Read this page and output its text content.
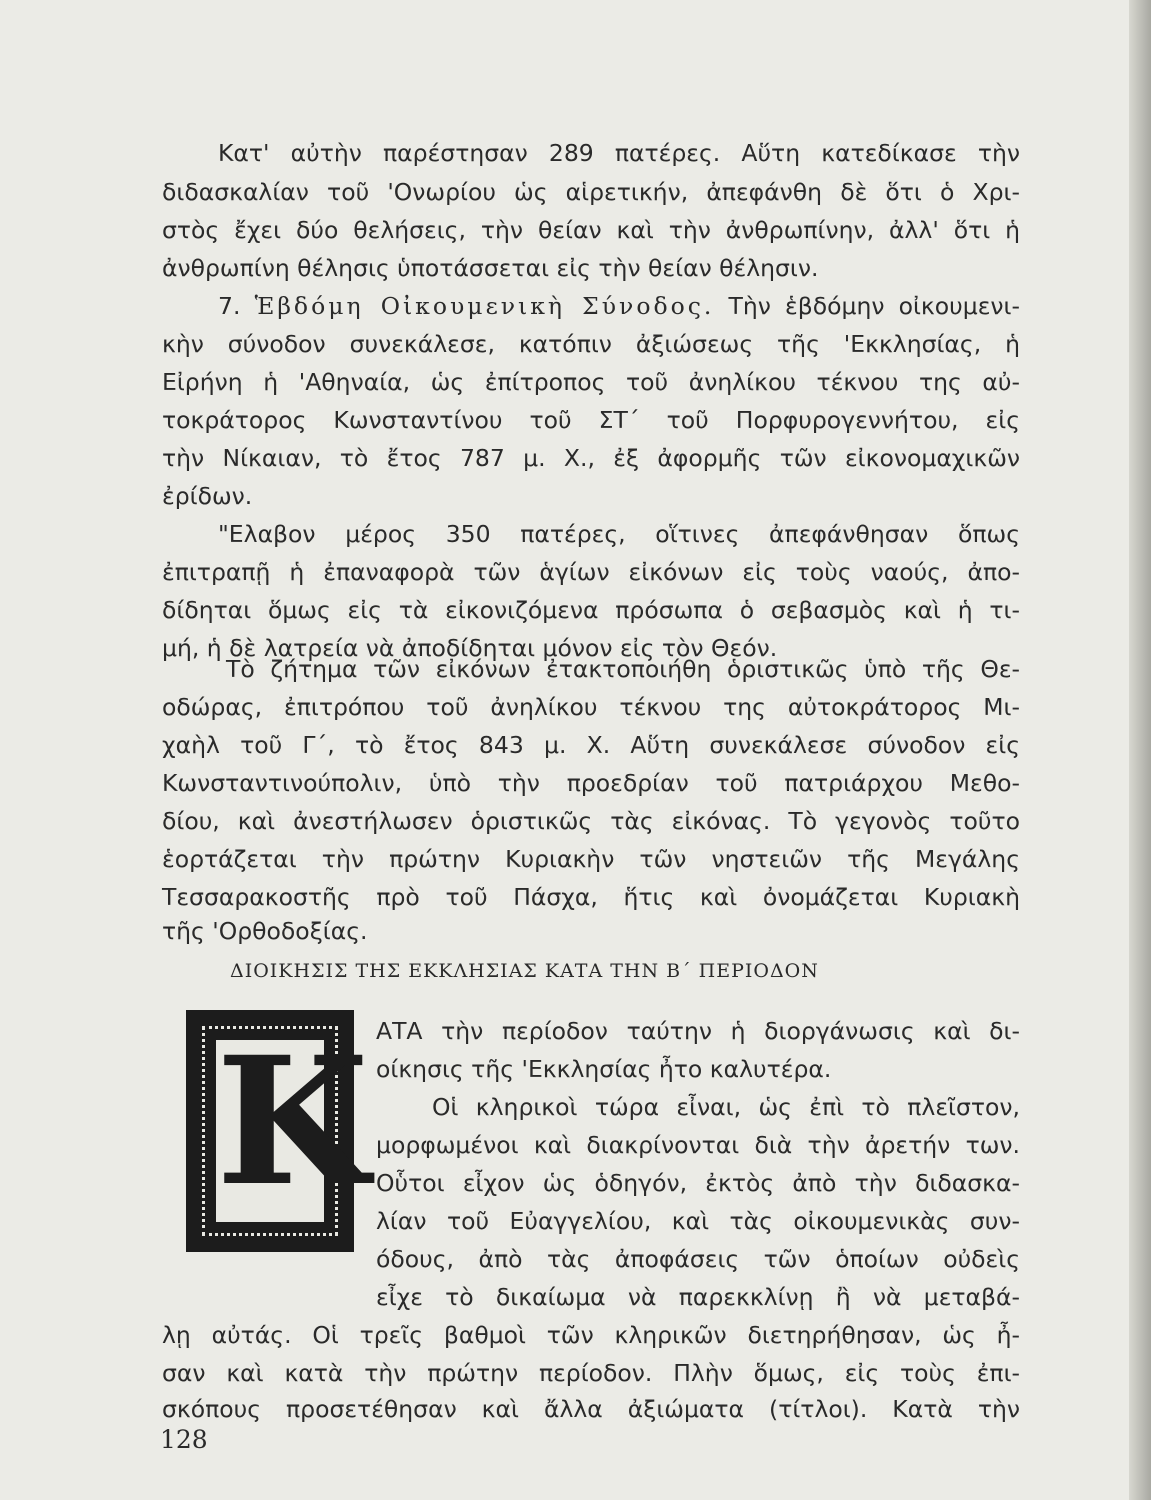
Κατ' αὐτὴν παρέστησαν 289 πατέρες. Αὕτη κατεδίκασε τὴν

διδασκαλίαν τοῦ 'Ονωρίου ὡς αἱρετικήν, ἀπεφάνθη δὲ ὅτι ὁ Χρι-

στὸς ἔχει δύο θελήσεις, τὴν θείαν καὶ τὴν ἀνθρωπίνην, ἀλλ' ὅτι ἡ

ἀνθρωπίνη θέλησις ὑποτάσσεται εἰς τὴν θείαν θέλησιν.

7. Ἑβδόμη Οἰκουμενικὴ Σύνοδος. Τὴν ἑβδόμην οἰκουμενι-

κὴν σύνοδον συνεκάλεσε, κατόπιν ἀξιώσεως τῆς 'Εκκλησίας, ἡ

Εἰρήνη ἡ 'Αθηναία, ὡς ἐπίτροπος τοῦ ἀνηλίκου τέκνου της αὐ-

τοκράτορος Κωνσταντίνου τοῦ ΣΤ΄ τοῦ Πορφυρογεννήτου, εἰς

τὴν Νίκαιαν, τὸ ἔτος 787 μ. Χ., ἐξ ἀφορμῆς τῶν εἰκονομαχικῶν

ἐρίδων.

"Ελαβον μέρος 350 πατέρες, οἵτινες ἀπεφάνθησαν ὅπως

ἐπιτραπῇ ἡ ἐπαναφορὰ τῶν ἁγίων εἰκόνων εἰς τοὺς ναούς, ἀπο-

δίδηται ὅμως εἰς τὰ εἰκονιζόμενα πρόσωπα ὁ σεβασμὸς καὶ ἡ τι-

μή, ἡ δὲ λατρεία νὰ ἀποδίδηται μόνον εἰς τὸν Θεόν.

Τὸ ζήτημα τῶν εἰκόνων ἐτακτοποιήθη ὁριστικῶς ὑπὸ τῆς Θε-

οδώρας, ἐπιτρόπου τοῦ ἀνηλίκου τέκνου της αὐτοκράτορος Μι-

χαὴλ τοῦ Γ΄, τὸ ἔτος 843 μ. Χ. Αὕτη συνεκάλεσε σύνοδον εἰς

Κωνσταντινούπολιν, ὑπὸ τὴν προεδρίαν τοῦ πατριάρχου Μεθο-

δίου, καὶ ἀνεστήλωσεν ὁριστικῶς τὰς εἰκόνας. Τὸ γεγονὸς τοῦτο

ἑορτάζεται τὴν πρώτην Κυριακὴν τῶν νηστειῶν τῆς Μεγάλης

Τεσσαρακοστῆς πρὸ τοῦ Πάσχα, ἥτις καὶ ὀνομάζεται Κυριακὴ

ΔΙΟΙΚΗΣΙΣ ΤΗΣ ΕΚΚΛΗΣΙΑΣ ΚΑΤΑ ΤΗΝ Β΄ ΠΕΡΙΟΔΟΝ

Κ ΑΤΑ τὴν περίοδον ταύτην ἡ διοργάνωσις καὶ δι-

οίκησις τῆς 'Εκκλησίας ἦτο καλυτέρα.

Οἱ κληρικοὶ τώρα εἶναι, ὡς ἐπὶ τὸ πλεῖστον,

μορφωμένοι καὶ διακρίνονται διὰ τὴν ἀρετήν των.

Οὗτοι εἶχον ὡς ὁδηγόν, ἐκτὸς ἀπὸ τὴν διδασκα-

λίαν τοῦ Εὐαγγελίου, καὶ τὰς οἰκουμενικὰς συν-

όδους, ἀπὸ τὰς ἀποφάσεις τῶν ὁποίων οὐδεὶς

εἶχε τὸ δικαίωμα νὰ παρεκκλίνῃ ἢ νὰ μεταβά-

λῃ αὐτάς. Οἱ τρεῖς βαθμοὶ τῶν κληρικῶν διετηρήθησαν, ὡς ἦ-

σαν καὶ κατὰ τὴν πρώτην περίοδον. Πλὴν ὅμως, εἰς τοὺς ἐπι-

σκόπους προσετέθησαν καὶ ἄλλα ἀξιώματα (τίτλοι). Κατὰ τὴν

128

τῆς 'Ορθοδοξίας.
